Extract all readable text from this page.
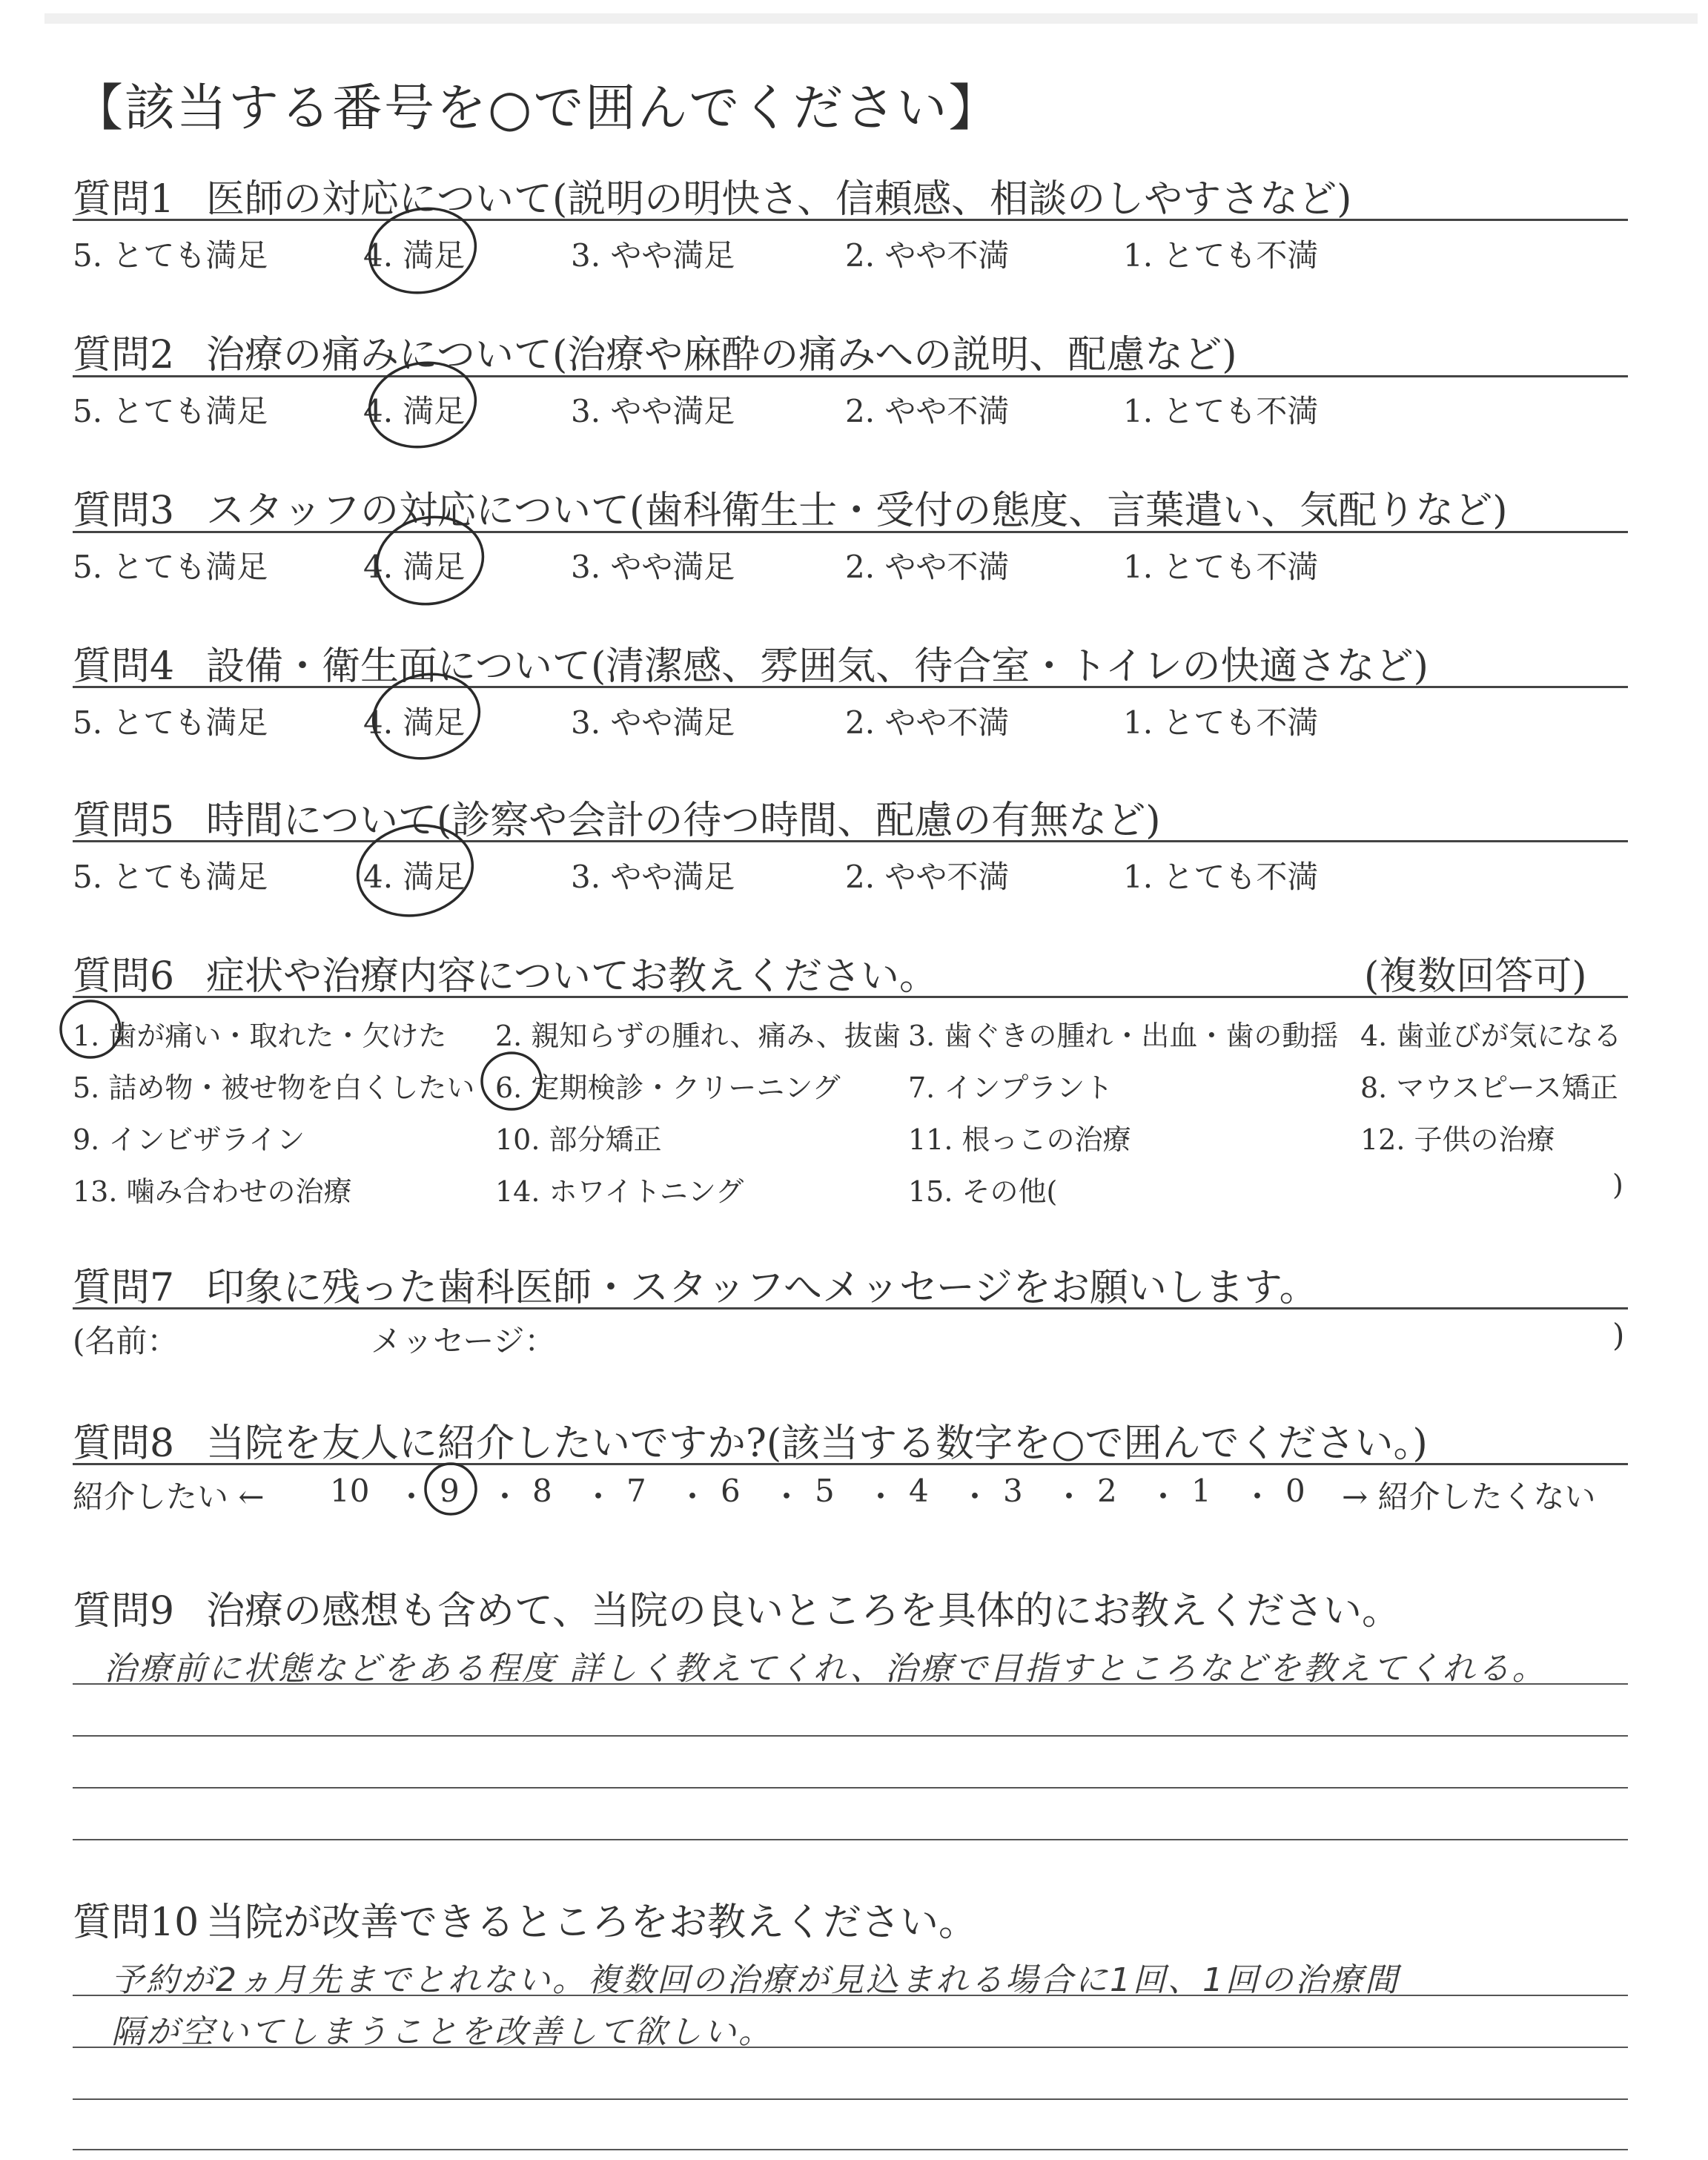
【該当する番号を○で囲んでください】
質問1 医師の対応について(説明の明快さ、信頼感、相談のしやすさなど)
5. とても満足	4. 満足	3. やや満足	2. やや不満	1. とても不満
質問2 治療の痛みについて(治療や麻酔の痛みへの説明、配慮など)
5. とても満足	4. 満足	3. やや満足	2. やや不満	1. とても不満
質問3 スタッフの対応について(歯科衛生士・受付の態度、言葉遣い、気配りなど)
5. とても満足	4. 満足	3. やや満足	2. やや不満	1. とても不満
質問4 設備・衛生面について(清潔感、雰囲気、待合室・トイレの快適さなど)
5. とても満足	4. 満足	3. やや満足	2. やや不満	1. とても不満
質問5 時間について(診察や会計の待つ時間、配慮の有無など)
5. とても満足	4. 満足	3. やや満足	2. やや不満	1. とても不満
質問6 症状や治療内容についてお教えください。	(複数回答可)
1. 歯が痛い・取れた・欠けた 2. 親知らずの腫れ、痛み、抜歯 3. 歯ぐきの腫れ・出血・歯の動揺 4. 歯並びが気になる
5. 詰め物・被せ物を白くしたい 6. 定期検診・クリーニング 7. インプラント	8. マウスピース矯正
9. インビザライン	10. 部分矯正	11. 根っこの治療	12. 子供の治療
13. 噛み合わせの治療	14. ホワイトニング	15. その他(	)
質問7 印象に残った歯科医師・スタッフへメッセージをお願いします。
(名前：	メッセージ：	)
質問8 当院を友人に紹介したいですか?(該当する数字を○で囲んでください。)
紹介したい ← 10 ・ 9 ・ 8 ・ 7 ・ 6 ・ 5 ・ 4 ・ 3 ・ 2 ・ 1 ・ 0 → 紹介したくない
質問9 治療の感想も含めて、当院の良いところを具体的にお教えください。
治療前に状態などをある程度 詳しく教えてくれ、治療で目指すところなどを教えてくれる。
質問10 当院が改善できるところをお教えください。
予約が2ヵ月先までとれない。複数回の治療が見込まれる場合に1回、1回の治療間
隔が空いてしまうことを改善して欲しい。
